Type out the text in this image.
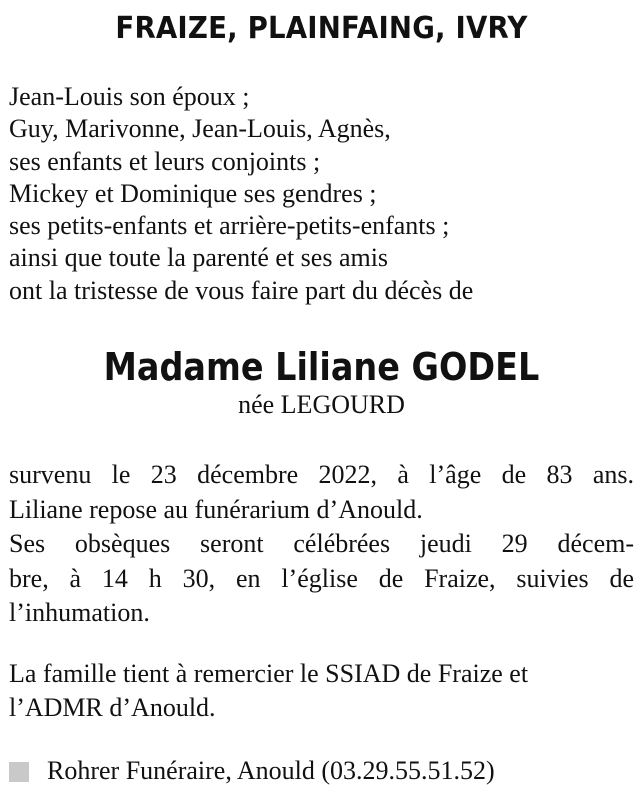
FRAIZE, PLAINFAING, IVRY
Jean-Louis son époux ;
Guy, Marivonne, Jean-Louis, Agnès,
ses enfants et leurs conjoints ;
Mickey et Dominique ses gendres ;
ses petits-enfants et arrière-petits-enfants ;
ainsi que toute la parenté et ses amis
ont la tristesse de vous faire part du décès de
Madame Liliane GODEL
née LEGOURD
survenu le 23 décembre 2022, à l’âge de 83 ans.
Liliane repose au funérarium d’Anould.
Ses obsèques seront célébrées jeudi 29 décem-
bre, à 14 h 30, en l’église de Fraize, suivies de
l’inhumation.
La famille tient à remercier le SSIAD de Fraize et
l’ADMR d’Anould.
Rohrer Funéraire, Anould (03.29.55.51.52)
